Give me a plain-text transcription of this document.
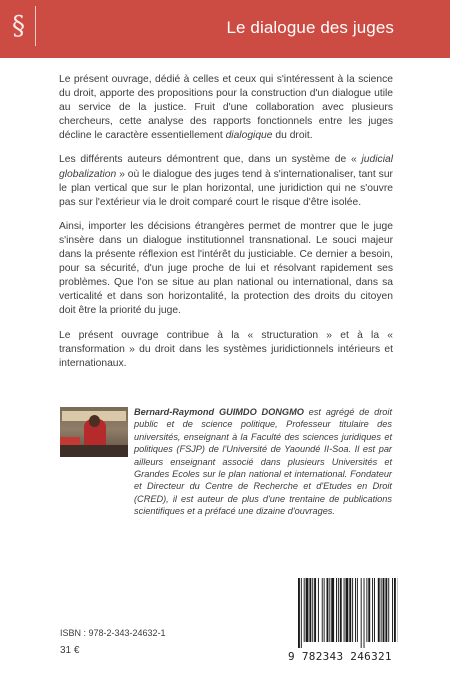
§	Le dialogue des juges

Le présent ouvrage, dédié à celles et ceux qui s'intéressent à la science du droit, apporte des propositions pour la construction d'un dialogue utile au service de la justice. Fruit d'une collaboration avec plusieurs chercheurs, cette analyse des rapports fonctionnels entre les juges décline le caractère essentiellement dialogique du droit.

Les différents auteurs démontrent que, dans un système de « judicial globalization » où le dialogue des juges tend à s'internationaliser, tant sur le plan vertical que sur le plan horizontal, une juridiction qui ne s'ouvre pas sur l'extérieur via le droit comparé court le risque d'être isolée.

Ainsi, importer les décisions étrangères permet de montrer que le juge s'insère dans un dialogue institutionnel transnational. Le souci majeur dans la présente réflexion est l'intérêt du justiciable. Ce dernier a besoin, pour sa sécurité, d'un juge proche de lui et résolvant rapidement ses problèmes. Que l'on se situe au plan national ou international, dans sa verticalité et dans son horizontalité, la protection des droits du citoyen doit être la priorité du juge.

Le présent ouvrage contribue à la « structuration » et à la « transformation » du droit dans les systèmes juridictionnels intérieurs et internationaux.

Bernard-Raymond GUIMDO DONGMO est agrégé de droit public et de science politique, Professeur titulaire des universités, enseignant à la Faculté des sciences juridiques et politiques (FSJP) de l'Université de Yaoundé II-Soa. Il est par ailleurs enseignant associé dans plusieurs Universités et Grandes Ecoles sur le plan national et international. Fondateur et Directeur du Centre de Recherche et d'Etudes en Droit (CRED), il est auteur de plus d'une trentaine de publications scientifiques et a préfacé une dizaine d'ouvrages.
ISBN : 978-2-343-24632-1
31 €	9 782343 246321
